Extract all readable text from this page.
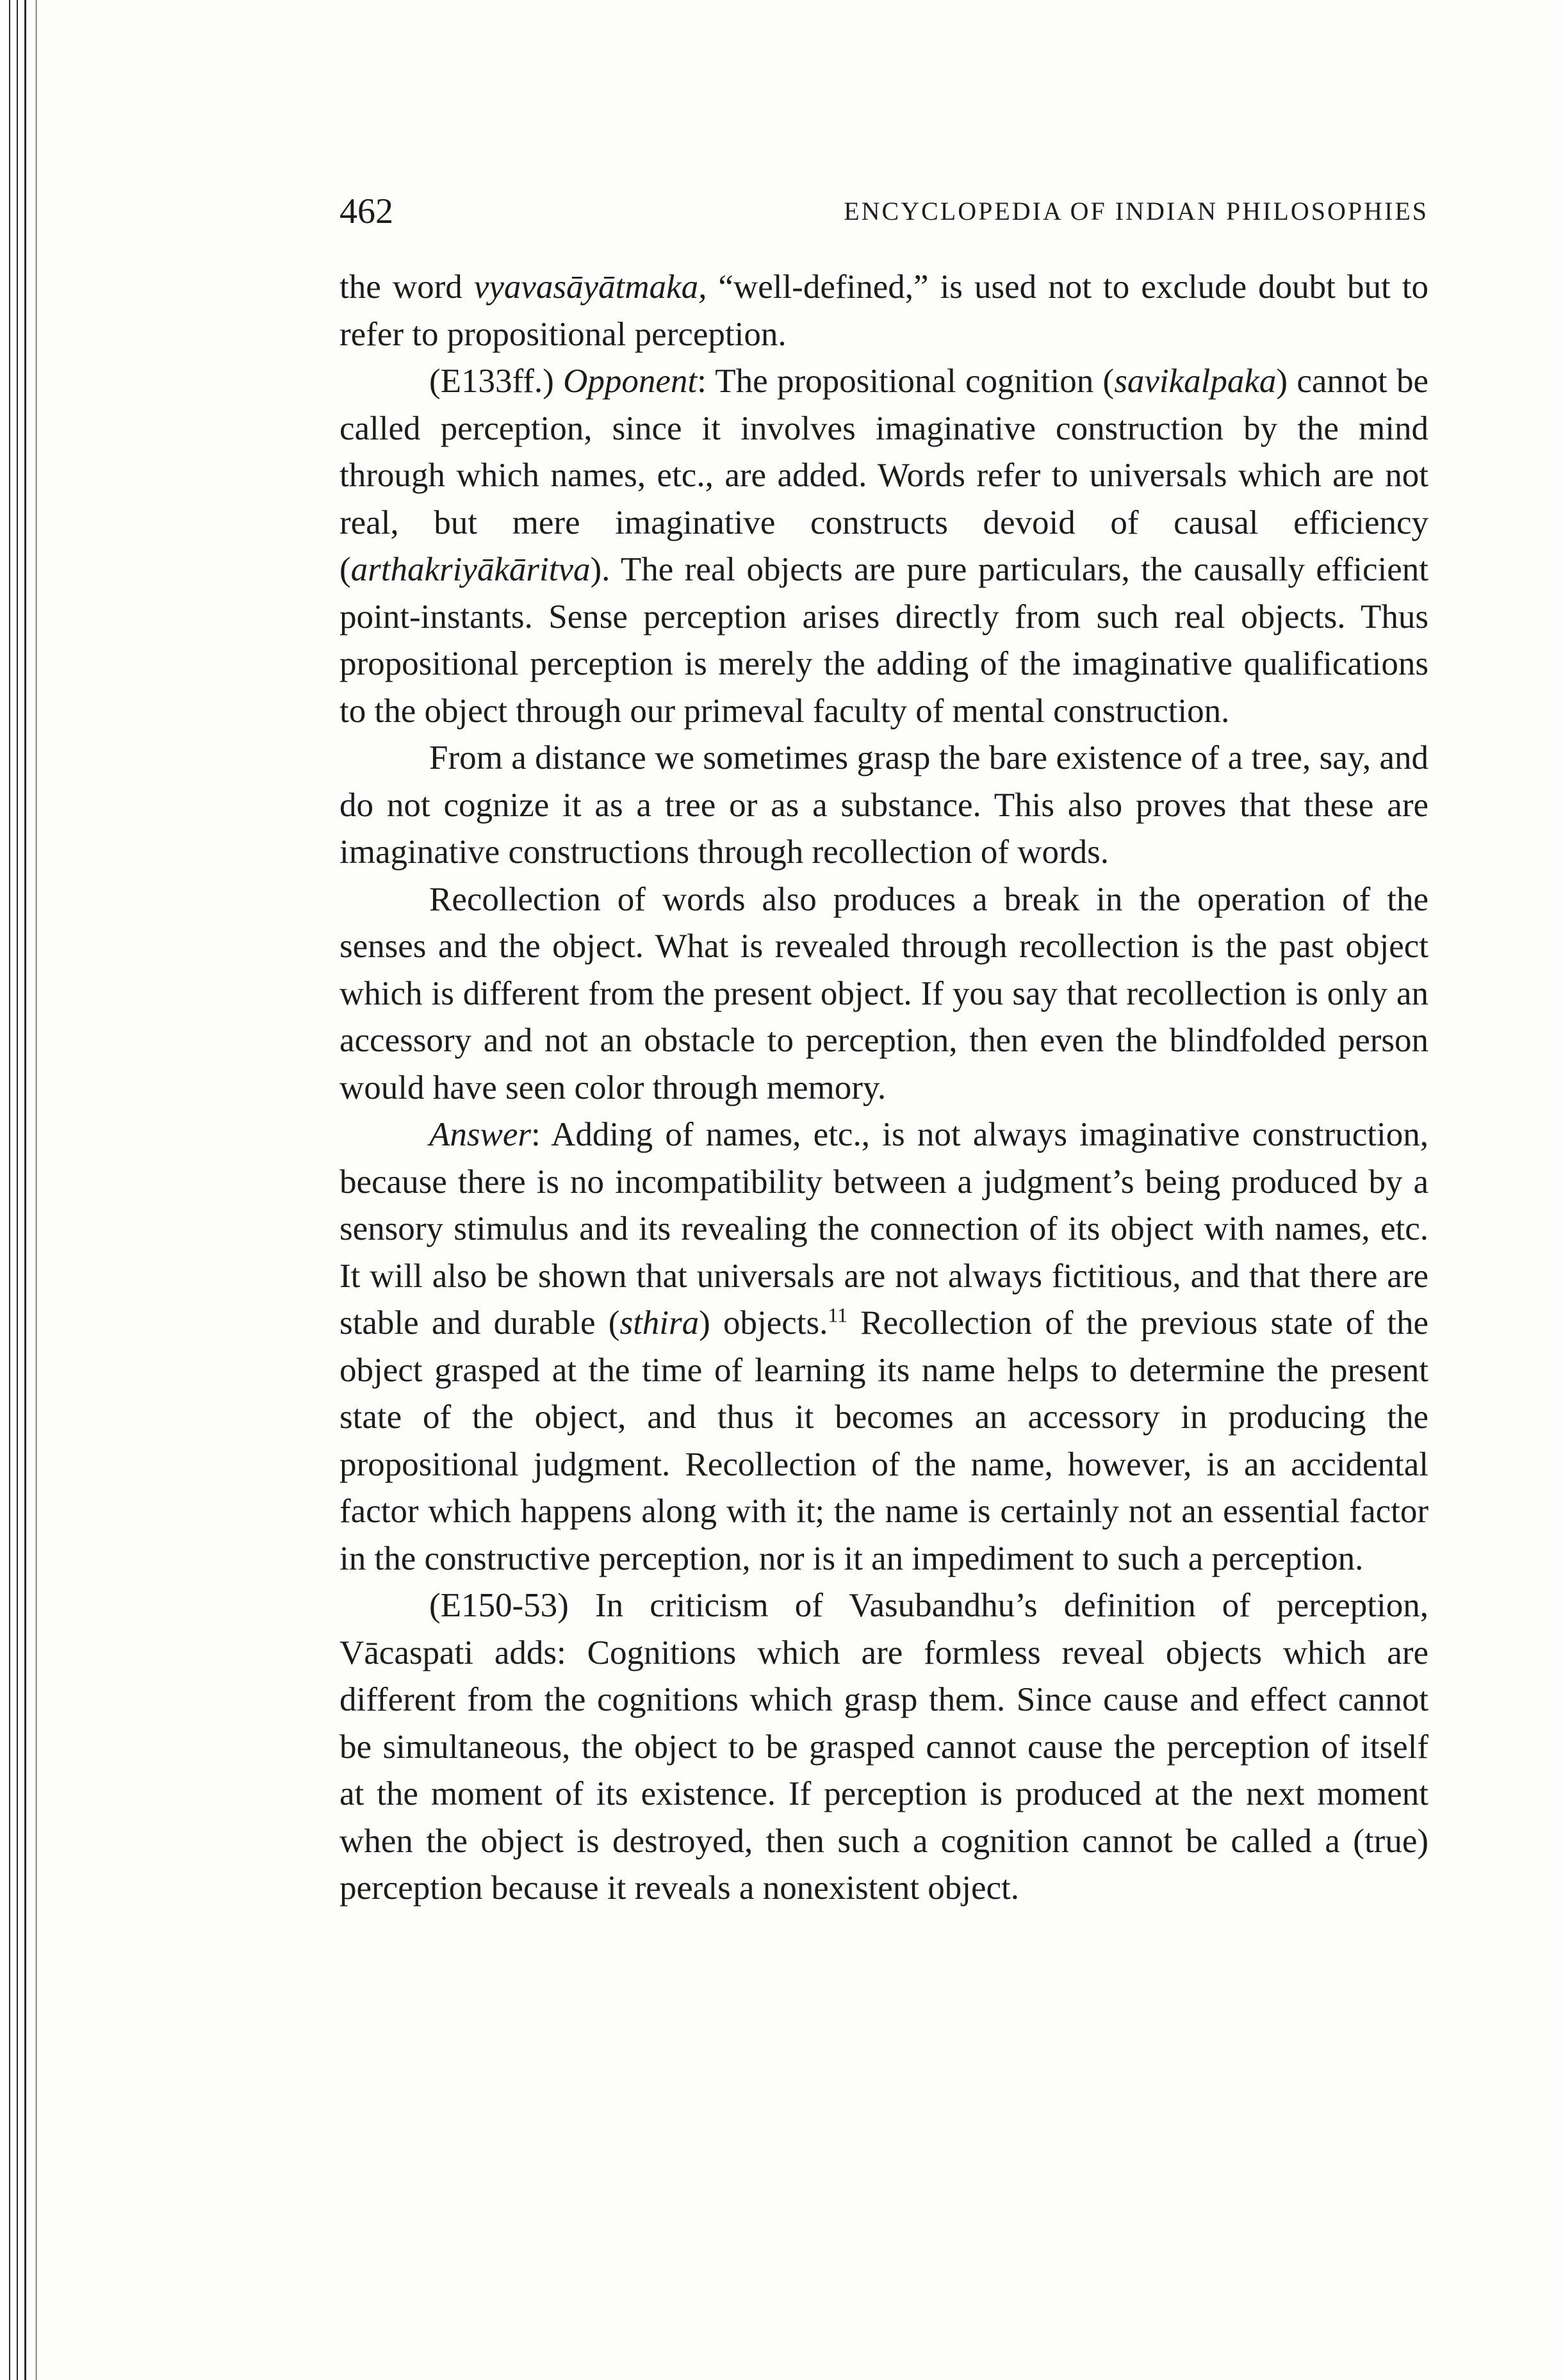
462	ENCYCLOPEDIA OF INDIAN PHILOSOPHIES

the word vyavasāyātmaka, “well-defined,” is used not to exclude doubt but to refer to propositional perception.

(E133ff.) Opponent: The propositional cognition (savikalpaka) cannot be called perception, since it involves imaginative construction by the mind through which names, etc., are added. Words refer to universals which are not real, but mere imaginative constructs devoid of causal efficiency (arthakriyākāritva). The real objects are pure particulars, the causally efficient point-instants. Sense perception arises directly from such real objects. Thus propositional perception is merely the adding of the imaginative qualifications to the object through our primeval faculty of mental construction.

From a distance we sometimes grasp the bare existence of a tree, say, and do not cognize it as a tree or as a substance. This also proves that these are imaginative constructions through recollection of words.

Recollection of words also produces a break in the operation of the senses and the object. What is revealed through recollection is the past object which is different from the present object. If you say that recollection is only an accessory and not an obstacle to perception, then even the blindfolded person would have seen color through memory.

Answer: Adding of names, etc., is not always imaginative construction, because there is no incompatibility between a judgment’s being produced by a sensory stimulus and its revealing the connection of its object with names, etc. It will also be shown that universals are not always fictitious, and that there are stable and durable (sthira) objects.$^{11}$ Recollection of the previous state of the object grasped at the time of learning its name helps to determine the present state of the object, and thus it becomes an accessory in producing the propositional judgment. Recollection of the name, however, is an accidental factor which happens along with it; the name is certainly not an essential factor in the constructive perception, nor is it an impediment to such a perception.

(E150-53) In criticism of Vasubandhu’s definition of perception, Vācaspati adds: Cognitions which are formless reveal objects which are different from the cognitions which grasp them. Since cause and effect cannot be simultaneous, the object to be grasped cannot cause the perception of itself at the moment of its existence. If perception is produced at the next moment when the object is destroyed, then such a cognition cannot be called a (true) perception because it reveals a nonexistent object.
